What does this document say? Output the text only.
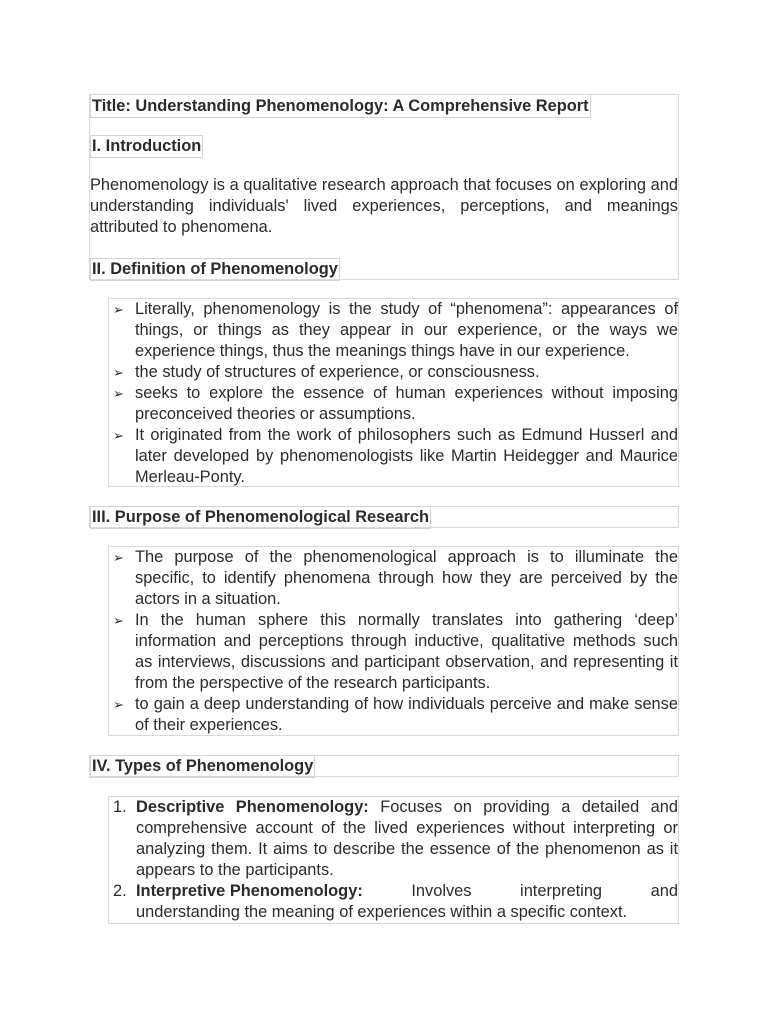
Title: Understanding Phenomenology: A Comprehensive Report
I. Introduction
Phenomenology is a qualitative research approach that focuses on exploring and understanding individuals' lived experiences, perceptions, and meanings attributed to phenomena.
II. Definition of Phenomenology
➢ Literally, phenomenology is the study of “phenomena”: appearances of things, or things as they appear in our experience, or the ways we experience things, thus the meanings things have in our experience.
➢ the study of structures of experience, or consciousness.
➢ seeks to explore the essence of human experiences without imposing preconceived theories or assumptions.
➢ It originated from the work of philosophers such as Edmund Husserl and later developed by phenomenologists like Martin Heidegger and Maurice Merleau-Ponty.
III. Purpose of Phenomenological Research
➢ The purpose of the phenomenological approach is to illuminate the specific, to identify phenomena through how they are perceived by the actors in a situation.
➢ In the human sphere this normally translates into gathering ‘deep’ information and perceptions through inductive, qualitative methods such as interviews, discussions and participant observation, and representing it from the perspective of the research participants.
➢ to gain a deep understanding of how individuals perceive and make sense of their experiences.
IV. Types of Phenomenology
1. Descriptive Phenomenology: Focuses on providing a detailed and comprehensive account of the lived experiences without interpreting or analyzing them. It aims to describe the essence of the phenomenon as it appears to the participants.
2. Interpretive Phenomenology:	Involves	interpreting	and
understanding the meaning of experiences within a specific context.
